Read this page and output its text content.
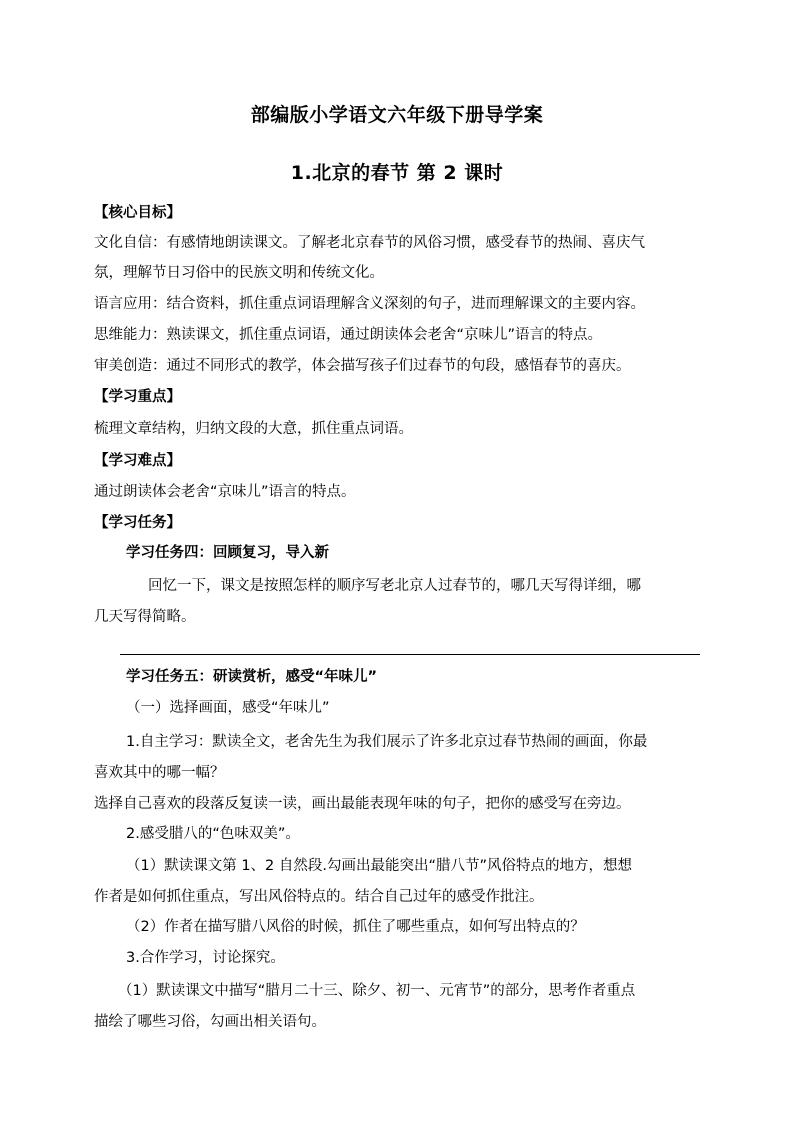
部编版小学语文六年级下册导学案
1.北京的春节 第 2 课时
【核心目标】
文化自信：有感情地朗读课文。了解老北京春节的风俗习惯，感受春节的热闹、喜庆气
氛，理解节日习俗中的民族文明和传统文化。
语言应用：结合资料，抓住重点词语理解含义深刻的句子，进而理解课文的主要内容。
思维能力：熟读课文，抓住重点词语，通过朗读体会老舍“京味儿”语言的特点。
审美创造：通过不同形式的教学，体会描写孩子们过春节的句段，感悟春节的喜庆。
【学习重点】
梳理文章结构，归纳文段的大意，抓住重点词语。
【学习难点】
通过朗读体会老舍“京味儿”语言的特点。
【学习任务】
学习任务四：回顾复习，导入新
回忆一下，课文是按照怎样的顺序写老北京人过春节的，哪几天写得详细，哪
几天写得简略。
学习任务五：研读赏析，感受“年味儿”
（一）选择画面，感受“年味儿”
1.自主学习：默读全文，老舍先生为我们展示了许多北京过春节热闹的画面，你最
喜欢其中的哪一幅？
选择自己喜欢的段落反复读一读，画出最能表现年味的句子，把你的感受写在旁边。
2.感受腊八的“色味双美”。
（1）默读课文第 1、2 自然段.勾画出最能突出“腊八节”风俗特点的地方，想想
作者是如何抓住重点，写出风俗特点的。结合自己过年的感受作批注。
（2）作者在描写腊八风俗的时候，抓住了哪些重点，如何写出特点的？
3.合作学习，讨论探究。
（1）默读课文中描写“腊月二十三、除夕、初一、元宵节”的部分，思考作者重点
描绘了哪些习俗，勾画出相关语句。
